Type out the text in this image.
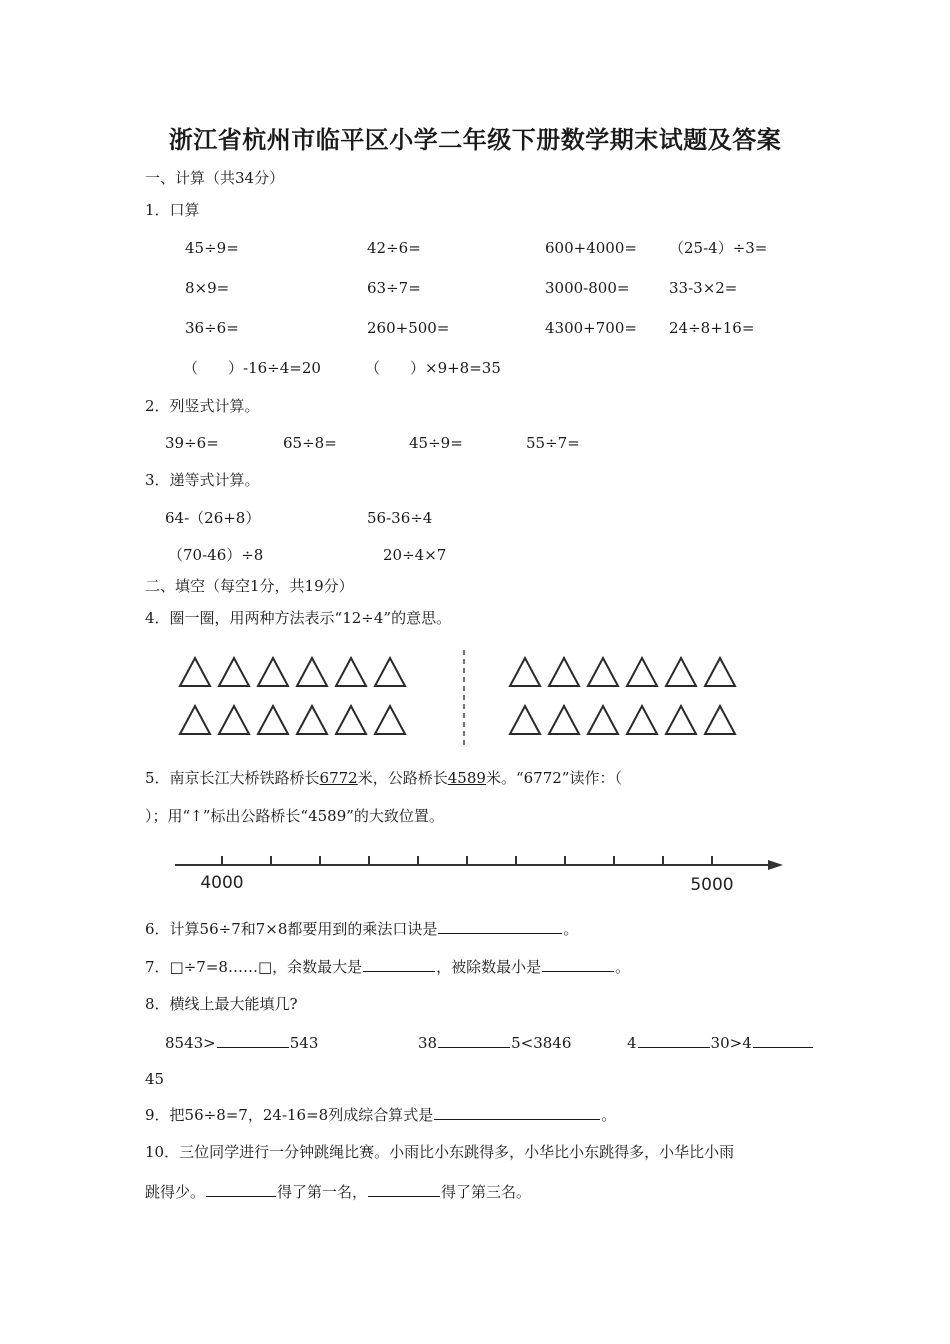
浙江省杭州市临平区小学二年级下册数学期末试题及答案
一、计算（共34分）
1．口算
45÷9=	42÷6=	600+4000= （25-4）÷3=
8×9=	63÷7=	3000-800=	33-3×2=
36÷6=	260+500=	4300+700= 24÷8+16=
（　　）-16÷4=20	（　　）×9+8=35
2．列竖式计算。
39÷6=	65÷8=	45÷9=	55÷7=
3．递等式计算。
64-（26+8）	56-36÷4
（70-46）÷8	20÷4×7
二、填空（每空1分，共19分）
4．圈一圈，用两种方法表示“12÷4”的意思。
5．南京长江大桥铁路桥长6772米，公路桥长4589米。“6772”读作：（
）；用“↑”标出公路桥长“4589”的大致位置。
4000	5000
6．计算56÷7和7×8都要用到的乘法口诀是	。
7．□÷7=8……□，余数最大是	，被除数最小是	。
8．横线上最大能填几?
8543>	543	38	5<3846	4	30>4
45
9．把56÷8=7，24-16=8列成综合算式是	。
10．三位同学进行一分钟跳绳比赛。小雨比小东跳得多，小华比小东跳得多，小华比小雨
跳得少。	得了第一名，	得了第三名。
